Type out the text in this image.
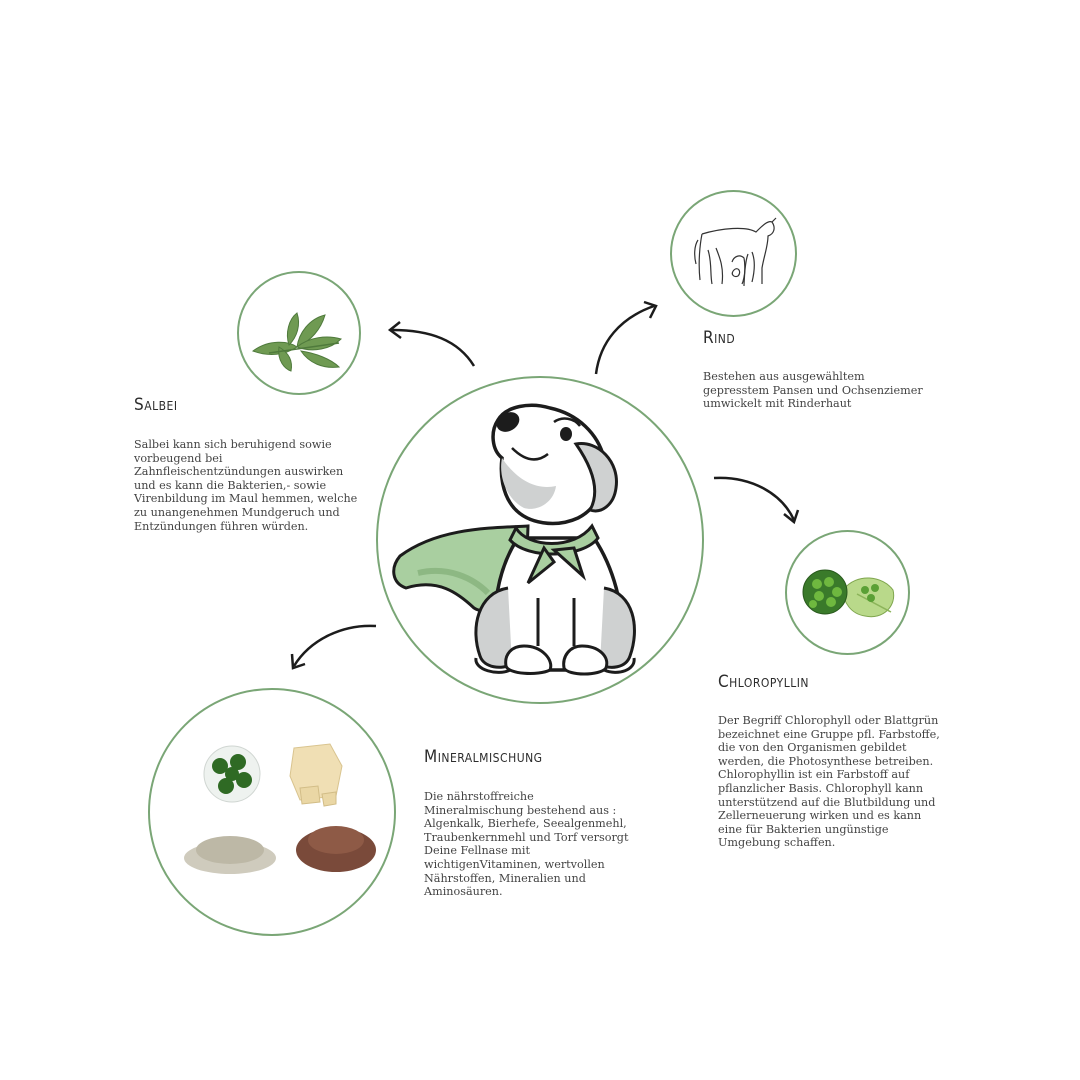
Salbei
Rind
Chloropyllin
Mineralmischung
Salbei kann sich beruhigend sowie vorbeugend bei Zahnfleischentzündungen auswirken und es kann die Bakterien,- sowie Virenbildung im Maul hemmen, welche zu unangenehmen Mundgeruch und Entzündungen führen würden.
Bestehen aus ausgewähltem gepresstem Pansen und Ochsenziemer umwickelt mit Rinderhaut
Der Begriff Chlorophyll oder Blattgrün bezeichnet eine Gruppe pfl. Farbstoffe, die von den Organismen gebildet werden, die Photosynthese betreiben. Chlorophyllin ist ein Farbstoff auf pflanzlicher Basis. Chlorophyll kann unterstützend auf die Blutbildung und Zellerneuerung wirken und es kann eine für Bakterien ungünstige Umgebung schaffen.
Die nährstoffreiche Mineralmischung bestehend aus : Algenkalk, Bierhefe, Seealgenmehl, Traubenkernmehl und Torf versorgt Deine Fellnase mit wichtigenVitaminen, wertvollen Nährstoffen, Mineralien und Aminosäuren.
